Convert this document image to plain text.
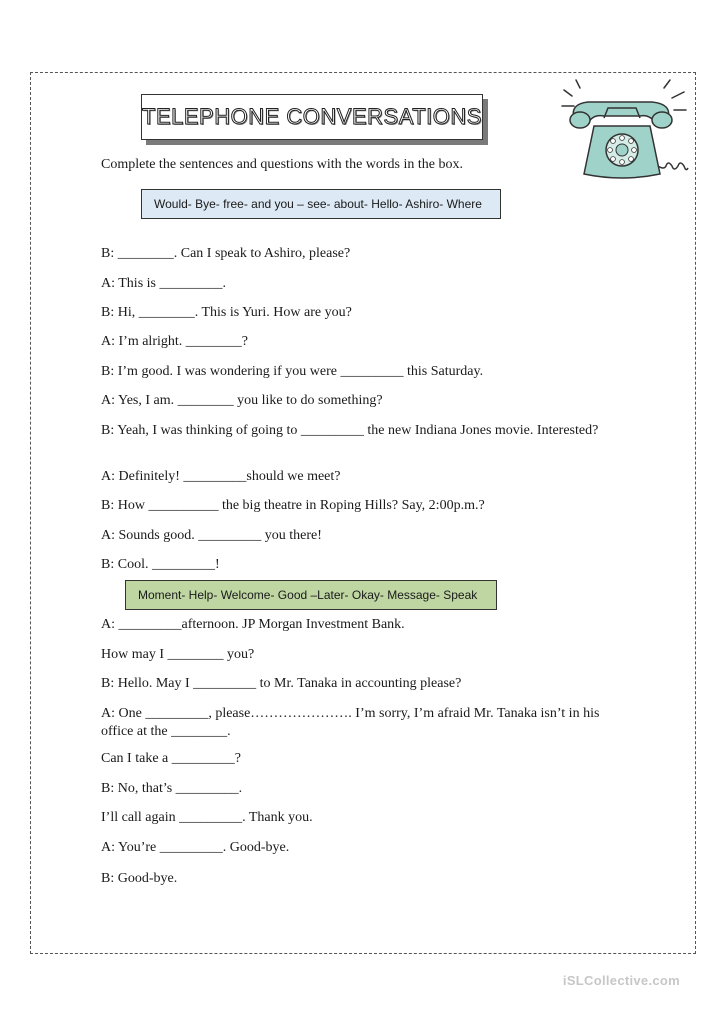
TELEPHONE CONVERSATIONS
Complete the sentences and questions with the words in the box.
Would- Bye- free- and you – see- about- Hello- Ashiro- Where
B: ________. Can I speak to Ashiro, please?
A: This is _________.
B: Hi, ________. This is Yuri. How are you?
A: I’m alright. ________?
B: I’m good. I was wondering if you were _________ this Saturday.
A: Yes, I am. ________ you like to do something?
B: Yeah, I was thinking of going to _________ the new Indiana Jones movie. Interested?
A: Definitely! _________should we meet?
B: How __________ the big theatre in Roping Hills? Say, 2:00p.m.?
A: Sounds good. _________ you there!
B: Cool. _________!
Moment- Help- Welcome- Good –Later- Okay- Message- Speak
A: _________afternoon. JP Morgan Investment Bank.
How may I ________ you?
B: Hello. May I _________ to Mr. Tanaka in accounting please?
A: One _________, please…………………. I’m sorry, I’m afraid Mr. Tanaka isn’t in his office at the ________.
Can I take a _________?
B: No, that’s _________.
I’ll call again _________. Thank you.
A: You’re _________. Good-bye.
B: Good-bye.
iSLCollective.com
